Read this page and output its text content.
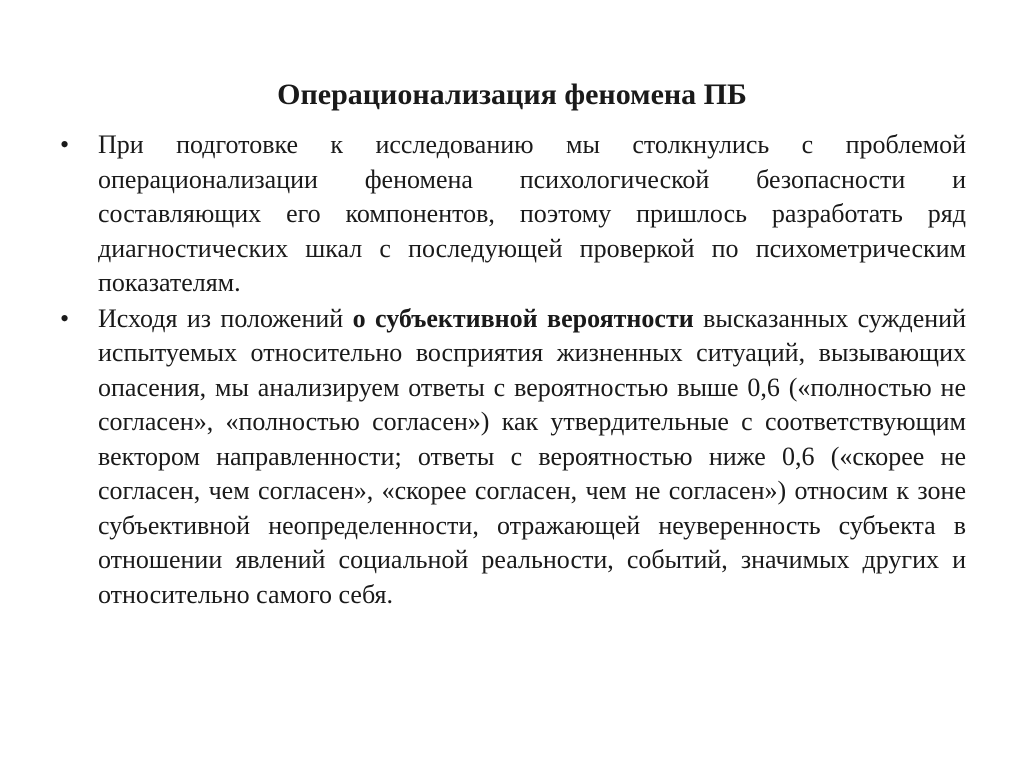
Операционализация феномена ПБ
• При подготовке к исследованию мы столкнулись с проблемой операционализации феномена психологической безопасности и составляющих его компонентов, поэтому пришлось разработать ряд диагностических шкал с последующей проверкой по психометрическим показателям.
• Исходя из положений о субъективной вероятности высказанных суждений испытуемых относительно восприятия жизненных ситуаций, вызывающих опасения, мы анализируем ответы с вероятностью выше 0,6 («полностью не согласен», «полностью согласен») как утвердительные с соответствующим вектором направленности; ответы с вероятностью ниже 0,6 («скорее не согласен, чем согласен», «скорее согласен, чем не согласен») относим к зоне субъективной неопределенности, отражающей неуверенность субъекта в отношении явлений социальной реальности, событий, значимых других и относительно самого себя.
